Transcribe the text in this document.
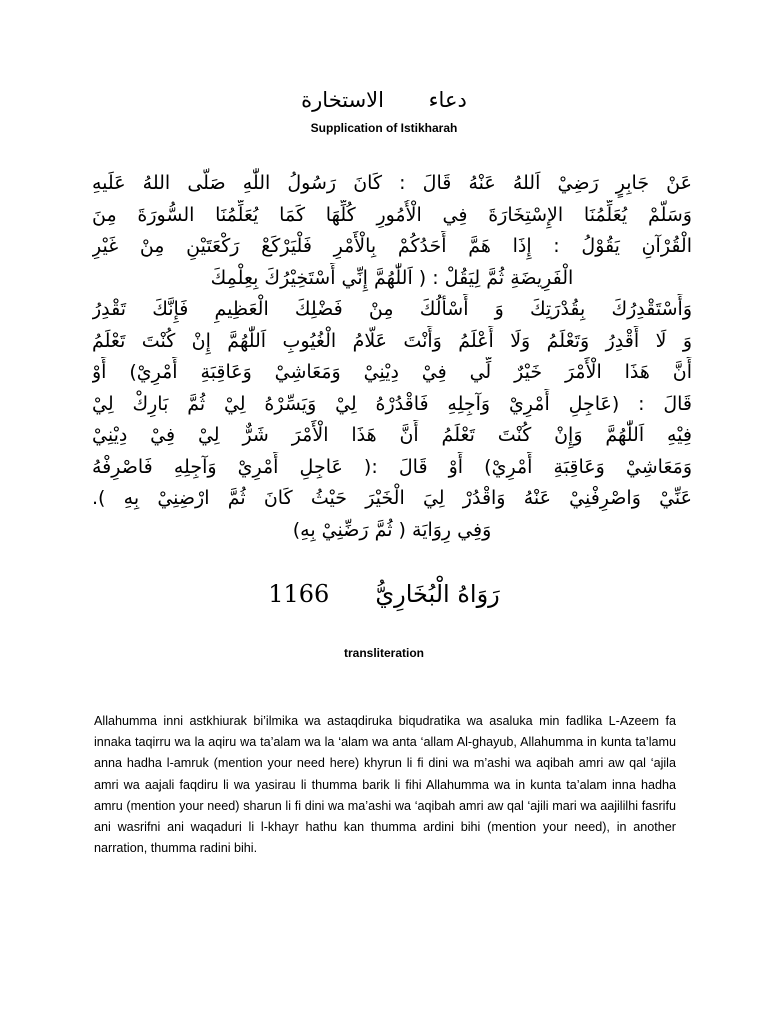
دعاء الاستخارة
Supplication of Istikharah
عَنْ جَابِرٍ رَضِيْ اَللهُ عَنْهُ قَالَ : كَانَ رَسُولُ اللّٰهِ صَلَّى اللهُ عَلَيهِ
وَسَلَّمْ يُعَلِّمُنَا الإِسْتِخَارَةَ فِي الْأُمُورِ كُلِّهَا كَمَا يُعَلِّمُنَا السُّورَةَ مِنَ
الْقُرْآنِ يَقُوْلُ : إِذَا هَمَّ أَحَدُكُمْ بِالْأَمْرِ فَلْيَرْكَعْ رَكْعَتَيْنِ مِنْ غَيْرِ
الْفَرِيضَةِ ثُمَّ لِيَقُلْ : ( اَللّٰهُمَّ إِنِّي أَسْتَخِيْرُكَ بِعِلْمِكَ
وَأَسْتَقْدِرُكَ بِقُدْرَتِكَ وَ أَسْأَلُكَ مِنْ فَضْلِكَ الْعَظِيمِ فَإِنَّكَ تَقْدِرُ
وَ لَا أَقْدِرُ وَتَعْلَمُ وَلَا أَعْلَمُ وَأَنْتَ عَلَّامُ الْغُيُوبِ اَللّٰهُمَّ إِنْ كُنْتَ تَعْلَمُ
أَنَّ هَذَا الْأَمْرَ خَيْرٌ لِّي فِيْ دِيْنِيْ وَمَعَاشِيْ وَعَاقِبَةِ أَمْرِيْ) أَوْ
قَالَ : (عَاجِلِ أَمْرِيْ وَآجِلِهِ فَاقْدُرْهُ لِيْ وَيَسِّرْهُ لِيْ ثُمَّ بَارِكْ لِيْ
فِيْهِ اَللّٰهُمَّ وَإِنْ كُنْتَ تَعْلَمُ أَنَّ هَذَا الْأَمْرَ شَرٌّ لِيْ فِيْ دِيْنِيْ
وَمَعَاشِيْ وَعَاقِبَةِ أَمْرِيْ) أَوْ قَالَ :( عَاجِلِ أَمْرِيْ وَآجِلِهِ فَاصْرِفْهُ
عَنِّيْ وَاصْرِفْنِيْ عَنْهُ وَاقْدُرْ لِيَ الْخَيْرَ حَيْثُ كَانَ ثُمَّ ارْضِنِيْ بِهِ ).
وَفِي رِوَايَة ( ثُمَّ رَضِّنِيْ بِهِ)
1166 رَوَاهُ الْبُخَارِيُّ
transliteration

Allahumma inni astkhiurak bi’ilmika wa astaqdiruka biqudratika wa asaluka min fadlika L-Azeem fa innaka taqirru wa la aqiru wa ta’alam wa la ‘alam wa anta ‘allam Al-ghayub, Allahumma in kunta ta’lamu anna hadha l-amruk (mention your need here) khyrun li fi dini wa m’ashi wa aqibah amri aw qal ‘ajila amri wa aajali faqdiru li wa yasirau li thumma barik li fihi Allahumma wa in kunta ta’alam inna hadha amru (mention your need) sharun li fi dini wa ma’ashi wa ‘aqibah amri aw qal ‘ajili mari wa aajililhi fasrifu ani wasrifni ani waqaduri li l-khayr hathu kan thumma ardini bihi (mention your need), in another narration, thumma radini bihi.
